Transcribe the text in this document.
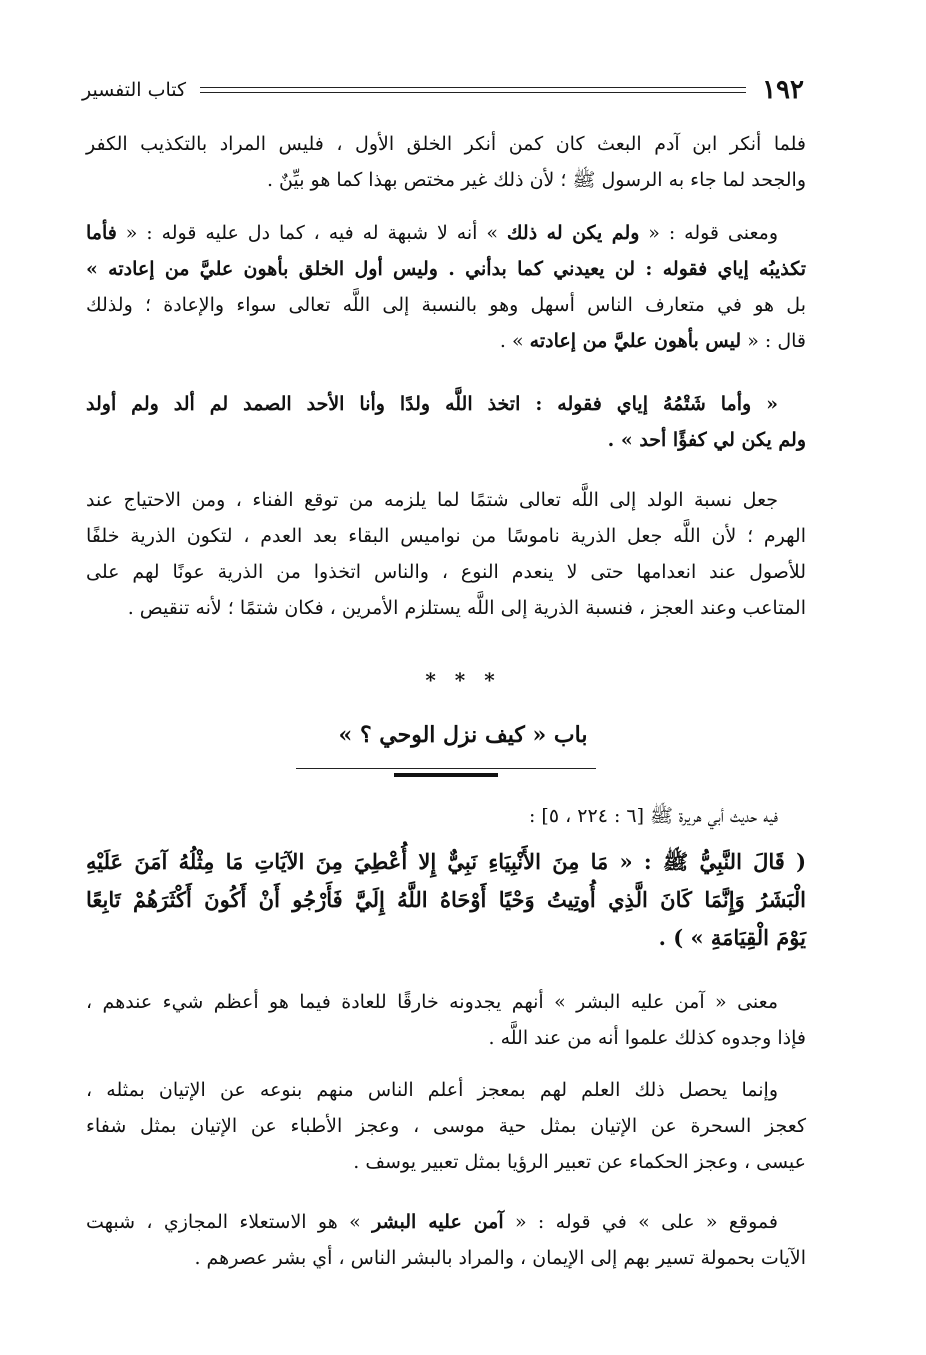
١٩٢
كتاب التفسير
فلما أنكر ابن آدم البعث كان كمن أنكر الخلق الأول ، فليس المراد بالتكذيب الكفر
والجحد لما جاء به الرسول ﷺ ؛ لأن ذلك غير مختص بهذا كما هو بيِّنٌ .
ومعنى قوله : « ولم يكن له ذلك » أنه لا شبهة له فيه ، كما دل عليه قوله : « فأما
تكذيبُه إياي فقوله : لن يعيدني كما بدأني . وليس أول الخلق بأهون عليَّ من إعادته »
بل هو في متعارف الناس أسهل وهو بالنسبة إلى اللَّه تعالى سواء والإعادة ؛ ولذلك
قال : « ليس بأهون عليَّ من إعادته » .
« وأما شَتْمُهُ إياي فقوله : اتخذ اللَّه ولدًا وأنا الأحد الصمد لم ألد ولم أولد
ولم يكن لي كفؤًا أحد » .
جعل نسبة الولد إلى اللَّه تعالى شتمًا لما يلزمه من توقع الفناء ، ومن الاحتياج عند
الهرم ؛ لأن اللَّه جعل الذرية ناموسًا من نواميس البقاء بعد العدم ، لتكون الذرية خلفًا
للأصول عند انعدامها حتى لا ينعدم النوع ، والناس اتخذوا من الذرية عونًا لهم على
المتاعب وعند العجز ، فنسبة الذرية إلى اللَّه يستلزم الأمرين ، فكان شتمًا ؛ لأنه تنقيص .
* * *
باب « كيف نزل الوحي ؟ »
فيه حديث أبي هريرة ﷺ [٦ : ٢٢٤ ، ٥] :
( قَالَ النَّبِيُّ ﷺ : « مَا مِنَ الأَنْبِيَاءِ نَبِيٌّ إِلا أُعْطِيَ مِنَ الآيَاتِ مَا مِثْلُهُ آمَنَ عَلَيْهِ
الْبَشَرُ وَإِنَّمَا كَانَ الَّذِي أُوتِيتُ وَحْيًا أَوْحَاهُ اللَّهُ إِلَيَّ فَأَرْجُو أَنْ أَكُونَ أَكْثَرَهُمْ تَابِعًا
يَوْمَ الْقِيَامَةِ » ) .
معنى « آمن عليه البشر » أنهم يجدونه خارقًا للعادة فيما هو أعظم شيء عندهم ،
فإذا وجدوه كذلك علموا أنه من عند اللَّه .
وإنما يحصل ذلك العلم لهم بمعجز أعلم الناس منهم بنوعه عن الإتيان بمثله ،
كعجز السحرة عن الإتيان بمثل حية موسى ، وعجز الأطباء عن الإتيان بمثل شفاء
عيسى ، وعجز الحكماء عن تعبير الرؤيا بمثل تعبير يوسف .
فموقع « على » في قوله : « آمن عليه البشر » هو الاستعلاء المجازي ، شبهت
الآيات بحمولة تسير بهم إلى الإيمان ، والمراد بالبشر الناس ، أي بشر عصرهم .
